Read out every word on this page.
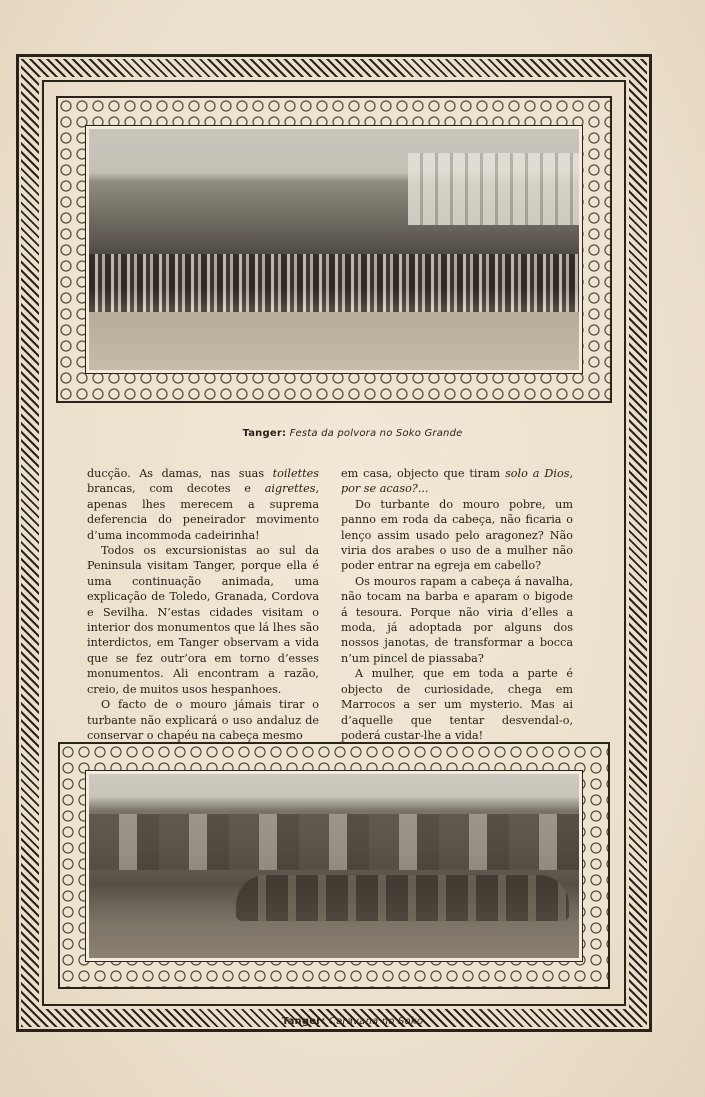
Tanger: Festa da polvora no Soko Grande

ducção. As damas, nas suas toilettes brancas, com decotes e aigrettes, apenas lhes merecem a suprema deferencia do peneirador movimento d’uma incommoda cadeirinha!

Todos os excursionistas ao sul da Peninsula visitam Tanger, porque ella é uma continuação animada, uma explicação de Toledo, Granada, Cordova e Sevilha. N’estas cidades visitam o interior dos monumentos que lá lhes são interdictos, em Tanger observam a vida que se fez outr’ora em torno d’esses monumentos. Ali encontram a razão, creio, de muitos usos hespanhoes.

O facto de o mouro jámais tirar o turbante não explicará o uso andaluz de conservar o chapéu na cabeça mesmo

em casa, objecto que tiram solo a Dios, por se acaso?...

Do turbante do mouro pobre, um pannо em roda da cabeça, não ficaria o lenço assim usado pelo aragonez? Não viria dos arabes o uso de a mulher não poder entrar na egreja em cabello?

Os mouros rapam a cabeça á navalha, não tocam na barba e aparam o bigode á tesoura. Porque não viria d’elles a moda, já adoptada por alguns dos nossos janotas, de transformar a bocca n’um pincel de piassaba?

A mulher, que em toda a parte é objecto de curiosidade, chega em Marrocos a ser um mysterio. Mas ai d’aquelle que tentar desvendal-o, poderá custar-lhe a vida!

Tanger: Caravana no Soko
